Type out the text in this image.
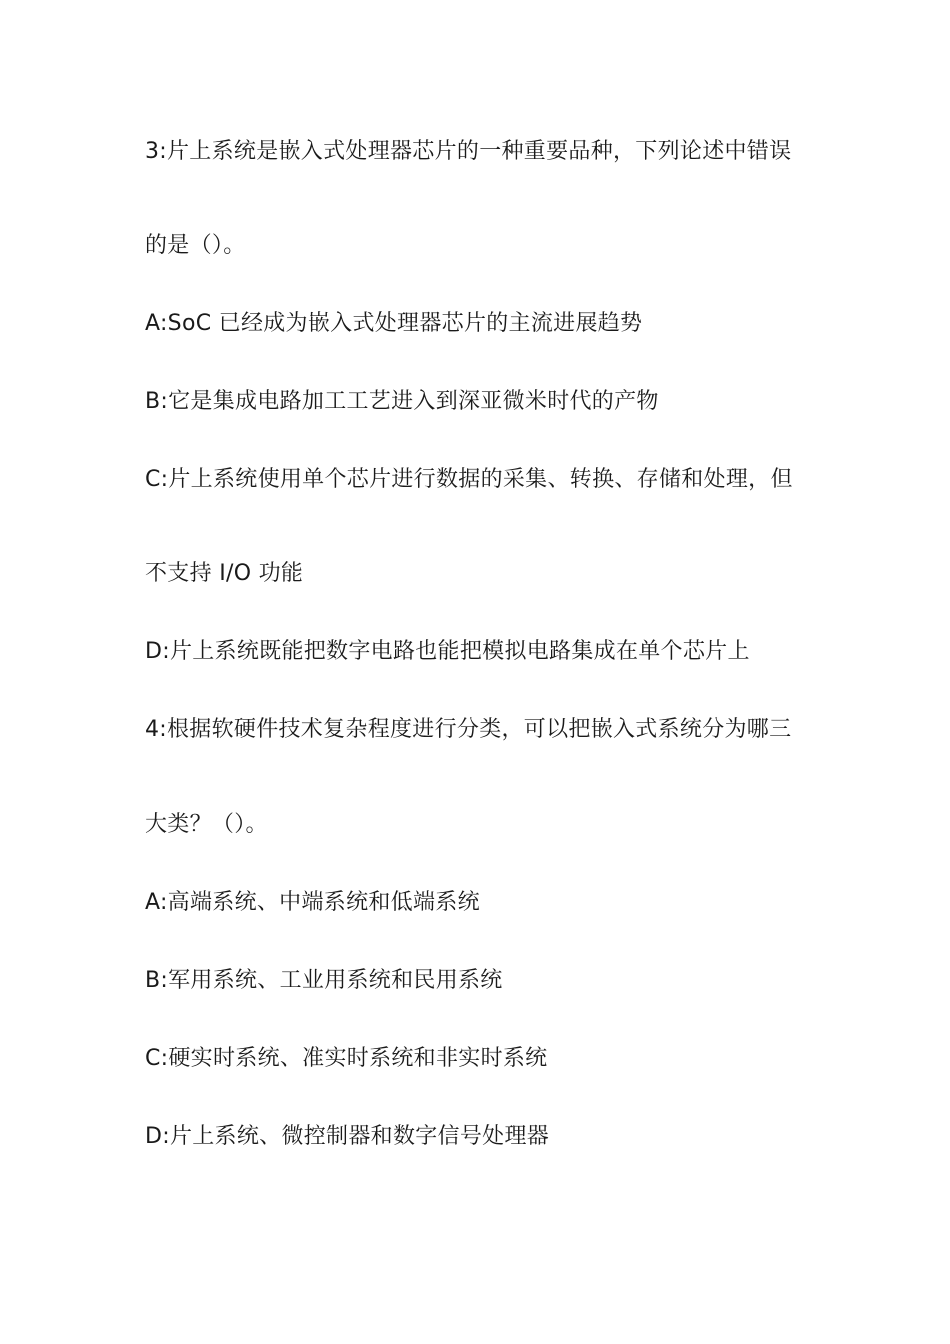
3:片上系统是嵌入式处理器芯片的一种重要品种，下列论述中错误
的是（）。
A:SoC 已经成为嵌入式处理器芯片的主流进展趋势
B:它是集成电路加工工艺进入到深亚微米时代的产物
C:片上系统使用单个芯片进行数据的采集、转换、存储和处理，但
不支持 I/O 功能
D:片上系统既能把数字电路也能把模拟电路集成在单个芯片上
4:根据软硬件技术复杂程度进行分类，可以把嵌入式系统分为哪三
大类？（）。
A:高端系统、中端系统和低端系统
B:军用系统、工业用系统和民用系统
C:硬实时系统、准实时系统和非实时系统
D:片上系统、微控制器和数字信号处理器
